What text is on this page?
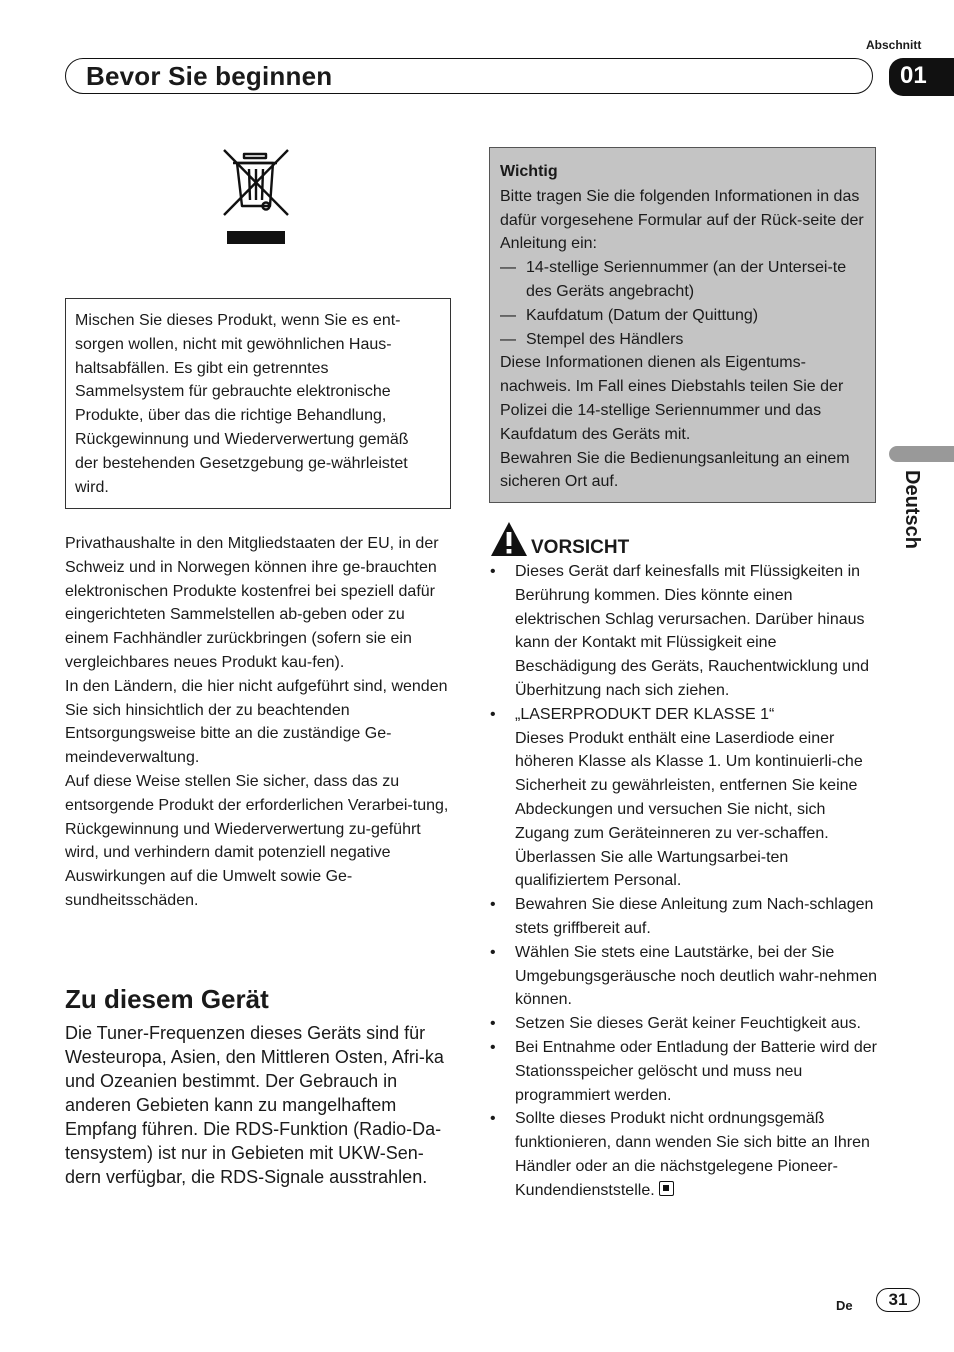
Abschnitt
Bevor Sie beginnen	01
Deutsch
Mischen Sie dieses Produkt, wenn Sie es ent-sorgen wollen, nicht mit gewöhnlichen Haus-haltsabfällen. Es gibt ein getrenntes Sammelsystem für gebrauchte elektronische Produkte, über das die richtige Behandlung, Rückgewinnung und Wiederverwertung gemäß der bestehenden Gesetzgebung ge-währleistet wird.
Privathaushalte in den Mitgliedstaaten der EU, in der Schweiz und in Norwegen können ihre ge-brauchten elektronischen Produkte kostenfrei bei speziell dafür eingerichteten Sammelstellen ab-geben oder zu einem Fachhändler zurückbringen (sofern sie ein vergleichbares neues Produkt kau-fen).
In den Ländern, die hier nicht aufgeführt sind, wenden Sie sich hinsichtlich der zu beachtenden Entsorgungsweise bitte an die zuständige Ge-meindeverwaltung.
Auf diese Weise stellen Sie sicher, dass das zu entsorgende Produkt der erforderlichen Verarbei-tung, Rückgewinnung und Wiederverwertung zu-geführt wird, und verhindern damit potenziell negative Auswirkungen auf die Umwelt sowie Ge-sundheitsschäden.
Zu diesem Gerät
Die Tuner-Frequenzen dieses Geräts sind für Westeuropa, Asien, den Mittleren Osten, Afri-ka und Ozeanien bestimmt. Der Gebrauch in anderen Gebieten kann zu mangelhaftem Empfang führen. Die RDS-Funktion (Radio-Da-tensystem) ist nur in Gebieten mit UKW-Sen-dern verfügbar, die RDS-Signale ausstrahlen.
Wichtig
Bitte tragen Sie die folgenden Informationen in das dafür vorgesehene Formular auf der Rück-seite der Anleitung ein:
— 14-stellige Seriennummer (an der Untersei-te des Geräts angebracht)
— Kaufdatum (Datum der Quittung)
— Stempel des Händlers
Diese Informationen dienen als Eigentums-nachweis. Im Fall eines Diebstahls teilen Sie der Polizei die 14-stellige Seriennummer und das Kaufdatum des Geräts mit.
Bewahren Sie die Bedienungsanleitung an einem sicheren Ort auf.
VORSICHT
• Dieses Gerät darf keinesfalls mit Flüssigkeiten in Berührung kommen. Dies könnte einen elektrischen Schlag verursachen. Darüber hinaus kann der Kontakt mit Flüssigkeit eine Beschädigung des Geräts, Rauchentwicklung und Überhitzung nach sich ziehen.
• „LASERPRODUKT DER KLASSE 1“
Dieses Produkt enthält eine Laserdiode einer höheren Klasse als Klasse 1. Um kontinuierli-che Sicherheit zu gewährleisten, entfernen Sie keine Abdeckungen und versuchen Sie nicht, sich Zugang zum Geräteinneren zu ver-schaffen. Überlassen Sie alle Wartungsarbei-ten qualifiziertem Personal.
• Bewahren Sie diese Anleitung zum Nach-schlagen stets griffbereit auf.
• Wählen Sie stets eine Lautstärke, bei der Sie Umgebungsgeräusche noch deutlich wahr-nehmen können.
• Setzen Sie dieses Gerät keiner Feuchtigkeit aus.
• Bei Entnahme oder Entladung der Batterie wird der Stationsspeicher gelöscht und muss neu programmiert werden.
• Sollte dieses Produkt nicht ordnungsgemäß funktionieren, dann wenden Sie sich bitte an Ihren Händler oder an die nächstgelegene Pioneer-Kundendienststelle.
De	31
